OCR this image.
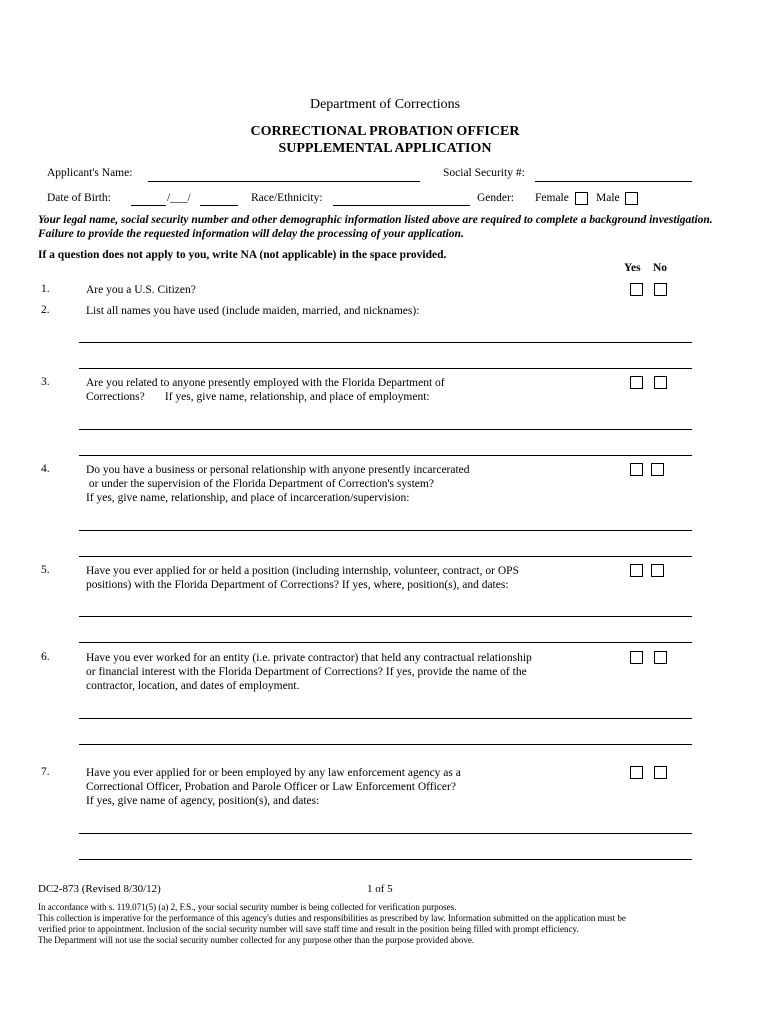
Department of Corrections
CORRECTIONAL PROBATION OFFICER
SUPPLEMENTAL APPLICATION
Applicant's Name:	Social Security #:
Date of Birth:	/___/	Race/Ethnicity:	Gender: Female Male
Your legal name, social security number and other demographic information listed above are required to complete a background investigation. Failure to provide the requested information will delay the processing of your application.
If a question does not apply to you, write NA (not applicable) in the space provided.
Yes No
1.	Are you a U.S. Citizen?
2.	List all names you have used (include maiden, married, and nicknames):
3.	Are you related to anyone presently employed with the Florida Department of
Corrections?       If yes, give name, relationship, and place of employment:
4.	Do you have a business or personal relationship with anyone presently incarcerated
or under the supervision of the Florida Department of Correction's system?
If yes, give name, relationship, and place of incarceration/supervision:
5.	Have you ever applied for or held a position (including internship, volunteer, contract, or OPS
positions) with the Florida Department of Corrections? If yes, where, position(s), and dates:
6.	Have you ever worked for an entity (i.e. private contractor) that held any contractual relationship
or financial interest with the Florida Department of Corrections? If yes, provide the name of the
contractor, location, and dates of employment.
7.	Have you ever applied for or been employed by any law enforcement agency as a
Correctional Officer, Probation and Parole Officer or Law Enforcement Officer?
If yes, give name of agency, position(s), and dates:
DC2-873 (Revised 8/30/12)	1 of 5
In accordance with s. 119.071(5) (a) 2, F.S., your social security number is being collected for verification purposes.
This collection is imperative for the performance of this agency's duties and responsibilities as prescribed by law. Information submitted on the application must be
verified prior to appointment. Inclusion of the social security number will save staff time and result in the position being filled with prompt efficiency.
The Department will not use the social security number collected for any purpose other than the purpose provided above.
